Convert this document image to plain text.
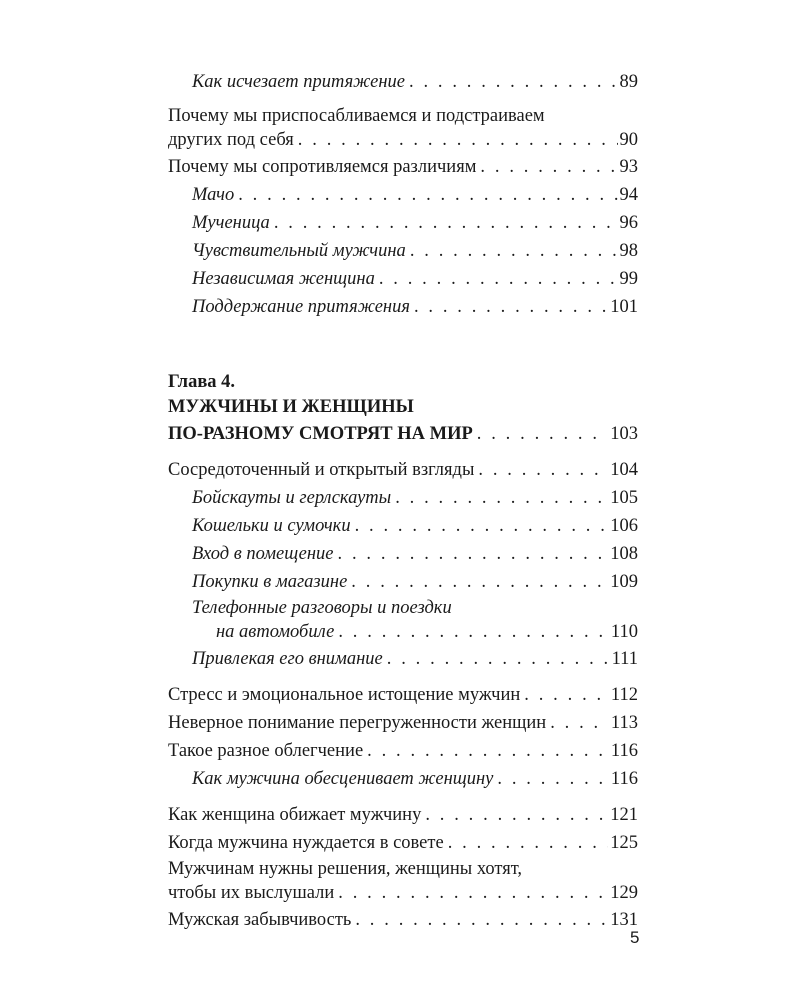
Как исчезает притяжение . . .	89
Почему мы приспосабливаемся и подстраиваем
других под себя . . .	90
Почему мы сопротивляемся различиям . . .	93
Мачо . . .	94
Мученица . . .	96
Чувствительный мужчина . . .	98
Независимая женщина . . .	99
Поддержание притяжения . . .	101
Глава 4.
МУЖЧИНЫ И ЖЕНЩИНЫ
ПО-РАЗНОМУ СМОТРЯТ НА МИР . . .	103
Сосредоточенный и открытый взгляды . . .	104
Бойскауты и герлскауты . . .	105
Кошельки и сумочки . . .	106
Вход в помещение . . .	108
Покупки в магазине . . .	109
Телефонные разговоры и поездки
на автомобиле . . .	110
Привлекая его внимание . . .	111
Стресс и эмоциональное истощение мужчин . . .	112
Неверное понимание перегруженности женщин . . .	113
Такое разное облегчение . . .	116
Как мужчина обесценивает женщину . . .	116
Как женщина обижает мужчину . . .	121
Когда мужчина нуждается в совете . . .	125
Мужчинам нужны решения, женщины хотят,
чтобы их выслушали . . .	129
Мужская забывчивость . . .	131
5
